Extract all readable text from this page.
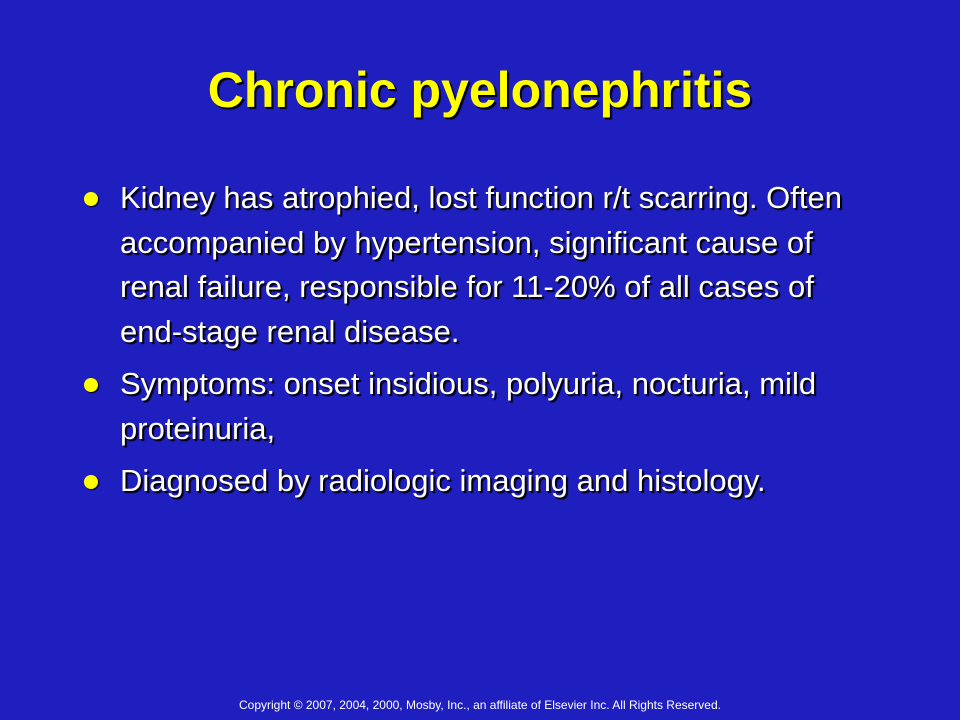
Chronic pyelonephritis
Kidney has atrophied, lost function r/t scarring. Often accompanied by hypertension, significant cause of renal failure, responsible for 11-20% of all cases of end-stage renal disease.
Symptoms: onset insidious, polyuria, nocturia, mild proteinuria,
Diagnosed by radiologic imaging and histology.

Copyright © 2007, 2004, 2000, Mosby, Inc., an affiliate of Elsevier Inc. All Rights Reserved.
